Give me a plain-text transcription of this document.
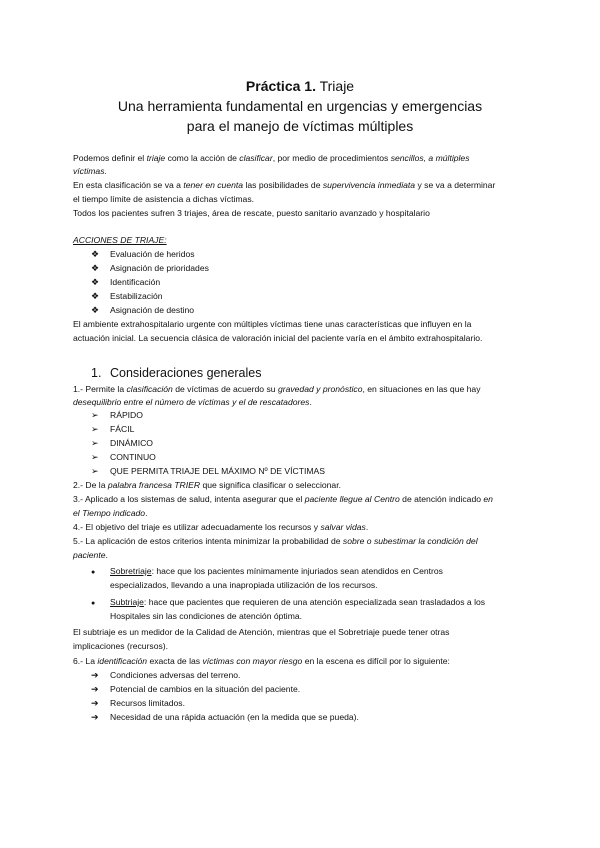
Práctica 1. Triaje
Una herramienta fundamental en urgencias y emergencias
para el manejo de víctimas múltiples
Podemos definir el triaje como la acción de clasificar, por medio de procedimientos sencillos, a múltiples
víctimas.
En esta clasificación se va a tener en cuenta las posibilidades de supervivencia inmediata y se va a determinar
el tiempo límite de asistencia a dichas víctimas.
Todos los pacientes sufren 3 triajes, área de rescate, puesto sanitario avanzado y hospitalario
ACCIONES DE TRIAJE:
❖ Evaluación de heridos
❖ Asignación de prioridades
❖ Identificación
❖ Estabilización
❖ Asignación de destino
El ambiente extrahospitalario urgente con múltiples víctimas tiene unas características que influyen en la
actuación inicial. La secuencia clásica de valoración inicial del paciente varía en el ámbito extrahospitalario.
1. Consideraciones generales
1.- Permite la clasificación de víctimas de acuerdo su gravedad y pronóstico, en situaciones en las que hay
desequilibrio entre el número de víctimas y el de rescatadores.
➢ RÁPIDO
➢ FÁCIL
➢ DINÁMICO
➢ CONTINUO
➢ QUE PERMITA TRIAJE DEL MÁXIMO Nº DE VÍCTIMAS
2.- De la palabra francesa TRIER que significa clasificar o seleccionar.
3.- Aplicado a los sistemas de salud, intenta asegurar que el paciente llegue al Centro de atención indicado en
el Tiempo indicado.
4.- El objetivo del triaje es utilizar adecuadamente los recursos y salvar vidas.
5.- La aplicación de estos criterios intenta minimizar la probabilidad de sobre o subestimar la condición del
paciente.
● Sobretriaje: hace que los pacientes mínimamente injuriados sean atendidos en Centros
especializados, llevando a una inapropiada utilización de los recursos.
● Subtriaje: hace que pacientes que requieren de una atención especializada sean trasladados a los
Hospitales sin las condiciones de atención óptima.
El subtriaje es un medidor de la Calidad de Atención, mientras que el Sobretriaje puede tener otras
implicaciones (recursos).
6.- La identificación exacta de las víctimas con mayor riesgo en la escena es difícil por lo siguiente:
➔ Condiciones adversas del terreno.
➔ Potencial de cambios en la situación del paciente.
➔ Recursos limitados.
➔ Necesidad de una rápida actuación (en la medida que se pueda).
